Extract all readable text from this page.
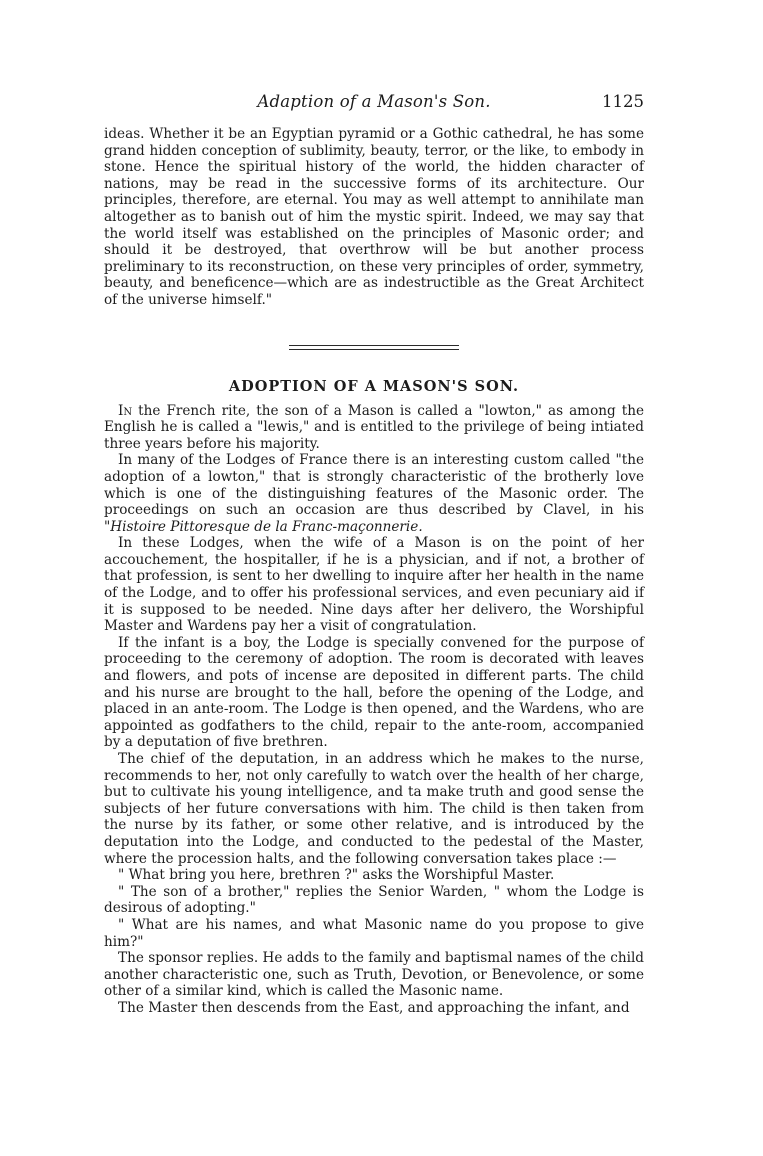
Adaption of a Mason's Son.	1125

ideas. Whether it be an Egyptian pyramid or a Gothic cathedral, he has some grand hidden conception of sublimity, beauty, terror, or the like, to embody in stone. Hence the spiritual history of the world, the hidden character of nations, may be read in the successive forms of its architecture. Our principles, therefore, are eternal. You may as well attempt to annihilate man altogether as to banish out of him the mystic spirit. Indeed, we may say that the world itself was established on the principles of Masonic order; and should it be destroyed, that overthrow will be but another process preliminary to its reconstruction, on these very principles of order, symmetry, beauty, and beneficence—which are as indestructible as the Great Architect of the universe himself."

ADOPTION OF A MASON'S SON.

In the French rite, the son of a Mason is called a "lowton," as among the English he is called a "lewis," and is entitled to the privilege of being intiated three years before his majority.

In many of the Lodges of France there is an interesting custom called "the adoption of a lowton," that is strongly characteristic of the brotherly love which is one of the distinguishing features of the Masonic order. The proceedings on such an occasion are thus described by Clavel, in his "Histoire Pittoresque de la Franc-maçonnerie.

In these Lodges, when the wife of a Mason is on the point of her accouchement, the hospitaller, if he is a physician, and if not, a brother of that profession, is sent to her dwelling to inquire after her health in the name of the Lodge, and to offer his professional services, and even pecuniary aid if it is supposed to be needed. Nine days after her delivero, the Worshipful Master and Wardens pay her a visit of congratulation.

If the infant is a boy, the Lodge is specially convened for the purpose of proceeding to the ceremony of adoption. The room is decorated with leaves and flowers, and pots of incense are deposited in different parts. The child and his nurse are brought to the hall, before the opening of the Lodge, and placed in an ante-room. The Lodge is then opened, and the Wardens, who are appointed as godfathers to the child, repair to the ante-room, accompanied by a deputation of five brethren.

The chief of the deputation, in an address which he makes to the nurse, recommends to her, not only carefully to watch over the health of her charge, but to cultivate his young intelligence, and ta make truth and good sense the subjects of her future conversations with him. The child is then taken from the nurse by its father, or some other relative, and is introduced by the deputation into the Lodge, and conducted to the pedestal of the Master, where the procession halts, and the following conversation takes place :—

" What bring you here, brethren ?" asks the Worshipful Master.

" The son of a brother," replies the Senior Warden, " whom the Lodge is desirous of adopting."

" What are his names, and what Masonic name do you propose to give him?"

The sponsor replies. He adds to the family and baptismal names of the child another characteristic one, such as Truth, Devotion, or Benevolence, or some other of a similar kind, which is called the Masonic name.

The Master then descends from the East, and approaching the infant, and
